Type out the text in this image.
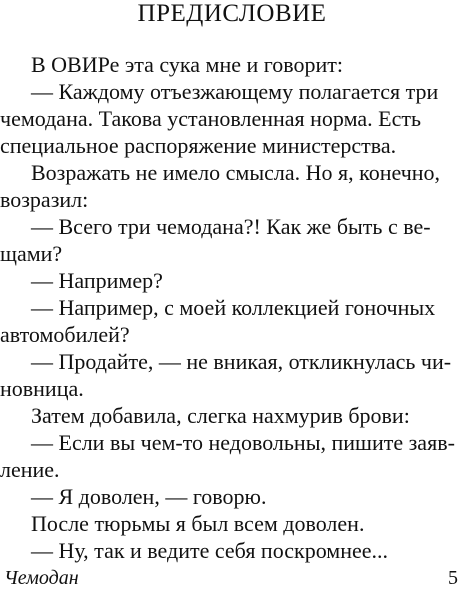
ПРЕДИСЛОВИЕ
В ОВИРе эта сука мне и говорит:
— Каждому отъезжающему полагается три
чемодана. Такова установленная норма. Есть
специальное распоряжение министерства.
Возражать не имело смысла. Но я, конечно,
возразил:
— Всего три чемодана?! Как же быть с ве-
щами?
— Например?
— Например, с моей коллекцией гоночных
автомобилей?
— Продайте, — не вникая, откликнулась чи-
новница.
Затем добавила, слегка нахмурив брови:
— Если вы чем-то недовольны, пишите заяв-
ление.
— Я доволен, — говорю.
После тюрьмы я был всем доволен.
— Ну, так и ведите себя поскромнее...
Чемодан	5
